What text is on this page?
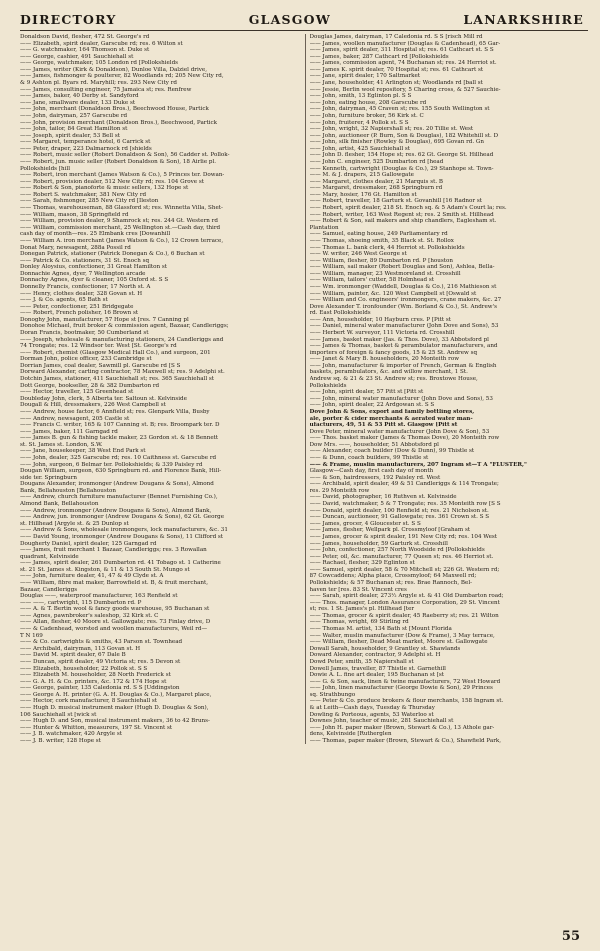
DIRECTORY	GLASGOW	LANARKSHIRE
Donaldson David, flesher, 472 St. George's rd
—— Elizabeth, spirit dealer, Garscube rd; res. 6 Wilton st
—— G. watchmaker, 164 Thomson st. Duke st
—— George, cashier, 491 Sauchiehall st
—— George, watchmaker, 105 London rd [Pollokshields
—— James, writer (Kirk & Donaldson), Dunloe Villa, Dalziel drive,
—— James, fishmonger & poulterer, 82 Woodlands rd; 205 New City rd,
& 9 Ashton pl. Byars rd. Maryhill; res. 293 New City rd
—— James, consulting engineer, 75 Jamaica st; res. Renfrew
—— James, baker, 40 Derby st. Sandyford
—— Jane, smallware dealer, 133 Duke st
—— John, merchant (Donaldson Bros.), Beechwood House, Partick
—— John, dairyman, 257 Garscube rd
—— John, provision merchant (Donaldson Bros.), Beechwood, Partick
—— John, tailor, 84 Great Hamilton st
—— Joseph, spirit dealer, 53 Bell st
—— Margaret, temperance hotel, 6 Carrick st
—— Peter, draper, 223 Dalmarnock rd [shields
—— Robert, music seller (Robert Donaldson & Son), 56 Cadder st. Pollok-
—— Robert, jun. music seller (Robert Donaldson & Son), 18 Airlie pl.
Pollokshields [hill
—— Robert, iron merchant (James Watson & Co.), 5 Princes ter. Dowan-
—— Robert, provision dealer, 512 New City rd; res. 104 Grove st
—— Robert & Son, pianoforte & music sellers, 132 Hope st
—— Robert S. watchmaker, 381 New City rd
—— Sarah, fishmonger, 285 New City rd [Ileston
—— Thomas, warehouseman, 88 Glassford st; res. Winnetta Villa, Shet-
—— William, mason, 38 Springfield rd
—— William, provision dealer, 9 Shamrock st; res. 244 Gt. Western rd
—— William, commission merchant, 25 Wellington st.—Cash day, third
cash day of month—res. 25 Elmbank cres [Dowanhill
—— William A. iron merchant (James Watson & Co.), 12 Crown terrace,
Donat Mary, newsagent, 288a Possil rd
Donegan Patrick, stationer (Patrick Donegan & Co.), 6 Buchan st
—— Patrick & Co. stationers, 31 St. Enoch sq
Donley Aloysius, confectioner, 31 Great Hamilton st
Donnachie Agnes, dyer, 7 Wellington arcade
Donnachy Agnes, dyer & cleaner, 105 Oxford st. S S
Donnelly Francis, confectioner, 17 North st. A
—— Henry, clothes dealer, 328 Govan st. H
—— J. & Co. agents, 65 Bath st
—— Peter, confectioner, 251 Bridgegate
—— Robert, French polisher, 16 Brown st
Donoghy John, manufacturer, 57 Hope st [res. 7 Canning pl
Donohoe Michael, fruit broker & commission agent, Bazaar, Candleriggs;
Doran Francis, bootmaker, 50 Cumberland st
—— Joseph, wholesale & manufacturing stationers, 24 Candleriggs and
74 Trongate; res. 12 Windsor ter. West [St. George's rd
—— Robert, chemist (Glasgow Medical Hall Co.), and surgeon, 201
Dorman John, police officer, 233 Cambridge st
Dorrian James, coal dealer, Sawmill pl. Garscube rd [S S
Dorward Alexander, carting contractor, 78 Maxwell st; res. 9 Adelphi st.
Dotchin James, stationer, 411 Sauchiehall st; res. 365 Sauchiehall st
Dott George, bookseller, 28 & 382 Dumbarton rd
—— Hector, traveller, 125 Greenhead st
Doubleday John, clerk, 5 Alberta ter. Saltoun st. Kelvinside
Dougall & Hill, dressmakers, 226 West Campbell st
—— Andrew, house factor, 6 Annfield st; res. Glenpark Villa, Busby
—— Andrew, newsagent, 205 Castle st
—— Francis C. writer, 165 & 107 Canning st. B; res. Broompark ter. D
—— James, baker, 111 Garngad rd
—— James B. gun & fishing tackle maker, 23 Gordon st. & 18 Bennett
st. St. James st. London, S.W.
—— Jane, housekeeper, 38 West End Park st
—— John, dealer, 325 Garscube rd; res. 10 Caithness st. Garscube rd
—— John, surgeon, 6 Belmar ter. Pollokshields; & 339 Paisley rd
Dougan William, surgeon, 630 Springburn rd. and Florence Bank, Hill-
side ter. Springburn
Dougans Alexander, ironmonger (Andrew Dougans & Sons), Almond
Bank, Bellahouston [Bellahouston
—— Andrew, church furniture manufacturer (Bennet Furnishing Co.),
Almond Bank, Bellahouston
—— Andrew, ironmonger (Andrew Dougans & Sons), Almond Bank,
—— Andrew, jun. ironmonger (Andrew Dougans & Sons), 62 Gt. George
st. Hillhead [Argyle st. & 25 Dunlop st
—— Andrew & Sons, wholesale ironmongers, lock manufacturers, &c. 31
—— David Young, ironmonger (Andrew Dougans & Sons), 11 Clifford st
Dougherty Daniel, spirit dealer, 125 Garngad rd
—— James, fruit merchant 1 Bazaar, Candleriggs; res. 3 Rowallan
quadrant, Kelvinside
—— James, spirit dealer, 261 Dumbarton rd. 41 Tobago st. 1 Catherine
st. 21 St. James st. Kingston, & 11 & 13 South St. Mungo st
—— John, furniture dealer, 41, 47 & 49 Clyde st. A
—— William, fibre mat maker, Barrowfield st. B, & fruit merchant,
Bazaar, Candleriggs
Douglas ——, waterproof manufacturer, 163 Renfield st
—— ——, cartwright, 115 Dumbarton rd. P
—— A. & T. Bertin wool & fancy goods warehouse, 95 Buchanan st
—— Agnes, pawnbroker's saleshop, 32 Kirk st. C
—— Allan, flesher, 40 Moore st. Gallowgate; res. 73 Finlay drive, D
—— & Cadenhead, worsted and woollen manufacturers, Weil rd—
T N 169
—— & Co. cartwrights & smiths, 43 Parson st. Townhead
—— Archibald, dairyman, 113 Govan st. H
—— David M. spirit dealer, 67 Dale B
—— Duncan, spirit dealer, 49 Victoria st; res. 5 Devon st
—— Elizabeth, householder, 22 Pollok st. S S
—— Elizabeth M. householder, 28 North Frederick st
—— G. A. H. & Co. printers, &c. 172 & 174 Hope st
—— George, painter, 135 Caledonia rd. S S [Uddingston
—— George A. H. printer (G. A. H. Douglas & Co.), Margaret place,
—— Hector, cork manufacturer, 8 Sauchiehall st
—— Hugh D. musical instrument maker (Hugh D. Douglas & Son),
106 Sauchiehall st [wick st
—— Hugh D. and Son, musical instrument makers, 36 to 42 Bruns-
—— Hunter & Whitton, measurers, 197 St. Vincent st
—— J. B. watchmaker, 420 Argyle st
—— J. B. writer, 128 Hope st
Douglas James, dairyman, 17 Caledonia rd. S S [risch Mill rd
—— James, woollen manufacturer (Douglas & Cadenhead), 65 Gar-
—— James, spirit dealer, 311 Hospital st; res. 61 Cathcart st. S S
—— James, baker, 287 Cathcart rd [Pollokshields
—— James, commission agent, 74 Buchanan st; res. 24 Herriot st.
—— James K. spirit dealer, 70 Hospital st; res. 61 Cathcart st
—— Jane, spirit dealer, 170 Saltmarket
—— Jane, householder, 41 Arlington st; Woodlands rd [ball st
—— Jessie, Berlin wool repository, 5 Charing cross, & 527 Sauchie-
—— John, smith, 13 Eglinton pl. S S
—— John, eating house, 208 Garscube rd
—— John, dairyman, 45 Craven st; res. 155 South Wellington st
—— John, furniture broker, 56 Kirk st. C
—— John, fruiterer, 4 Pollok st. S S
—— John, wright, 32 Napiershall st; res. 20 Tillie st. West
—— John, auctioneer (P. Burn, Son & Douglas), 182 Whitehill st. D
—— John, silk finisher (Rowley & Douglas), 695 Govan rd. Gn
—— John, artist, 425 Sauchiehall st
—— John D. flesher, 154 Hope st; res. 62 Gt. George St. Hillhead
—— John C. engineer, 525 Dumbarton rd [head
—— Kenneth, cartwright (Douglas & Co.), 29 Stanhope st. Town-
—— M. & J. drapers, 215 Gallowgate
—— Margaret, clothes dealer, 21 Marquis st. B
—— Margaret, dressmaker, 268 Springburn rd
—— Mary, hosier, 176 Gt. Hamilton st
—— Robert, traveller, 18 Garturk st. Govanhill [16 Radnor st
—— Robert, spirit dealer, 218 St. Enoch sq. & 5 Adam's Court la; res.
—— Robert, writer, 163 West Regent st; res. 2 Smith st. Hillhead
—— Robert & Son, sail makers and ship chandlers, Eaglesham st.
Plantation
—— Samuel, eating house, 249 Parliamentary rd
—— Thomas, shoeing smith, 35 Black st. St. Rollox
—— Thomas L. bank clerk, 44 Herriot st. Pollokshields
—— W. writer, 246 West George st
—— William, flesher, 89 Dumbarton rd. P [houston
—— William, sail maker (Robert Douglas and Son), Ashlea, Bella-
—— William, manager, 23 Westmoreland st. Crosshill
—— William, tailors' cutter, 58 Holmhead st
—— Wm. ironmonger (Waddell, Douglas & Co.), 216 Mathieson st
—— William, painter, &c. 120 West Campbell st [Oswald st
—— William and Co. engineers' ironmongers, crane makers, &c. 27
Dove Alexander T. ironfounder (Wm. Borland & Co.), St. Andrew's
rd. East Pollokshields
—— Ann, householder, 10 Hayburn cres. P [Pitt st
—— Daniel, mineral water manufacturer (John Dove and Sons), 53
—— Herbert W. surveyor, 111 Victoria rd. Crosshill
—— James, basket maker (Jas. & Thos. Dove), 33 Abbotsford pl
—— James & Thomas, basket & perambulator manufacturers, and
importers of foreign & fancy goods, 15 & 25 St. Andrew sq
—— Janet & Mary B. householders, 20 Monteith row
—— John, manufacturer & importer of French, German & English
baskets, perambulators, &c. and willow merchant, 1 St.
Andrew sq. & 21 & 23 St. Andrew st; res. Broxtowe House,
Pollokshields
—— John, spirit dealer, 57 Pitt st [Pitt st
—— John, mineral water manufacturer (John Dove and Sons), 53
—— John, spirit dealer, 22 Ardgowan st. S S
Dove John & Sons, export and family bottling stores,
ale, porter & cider merchants & aerated water man-
ufacturers, 49, 51 & 53 Pitt st. Glasgow [Pitt st
Dove Peter, mineral water manufacturer (John Dove & Son), 53
—— Thos. basket maker (James & Thomas Dove), 20 Monteith row
Dow Mrs. ——, householder, 51 Abbotsford pl
—— Alexander, coach builder (Dow & Dunn), 99 Thistle st
—— & Dunn, coach builders, 99 Thistle st
—— & Frame, muslin manufacturers, 207 Ingram st—T A "FLUSTER,"
Glasgow—Cash day, first cash day of month
—— & Son, hairdressers, 192 Paisley rd. West
—— Archibald, spirit dealer, 49 & 51 Candleriggs & 114 Trongate;
res. 29 Monteith row
—— David, photographer, 16 Ruthven st. Kelvinside
—— David, watchmaker, 5 & 7 Trongate; res. 35 Monteith row [S S
—— Donald, spirit dealer, 100 Renfield st; res. 21 Nicholson st.
—— Duncan, auctioneer, 91 Gallowgate; res. 361 Crown st. S S
—— James, grocer, 4 Gloucester st. S S
—— James, flesher, Wellpark pl. Crossmyloof [Graham st
—— James, grocer & spirit dealer, 191 New City rd; res. 104 West
—— James, householder, 59 Garturk st. Crosshill
—— John, confectioner, 257 North Woodside rd [Pollokshields
—— Peter, oil, &c. manufacturer, 77 Queen st; res. 46 Herriot st.
—— Rachael, flesher, 329 Eglinton st
—— Samuel, spirit dealer, 58 & 70 Mitchell st; 226 Gt. Western rd;
87 Cowcaddens; Alpha place, Crossmyloof; 64 Maxwell rd;
Pollokshields; & 57 Buchanan st; res. Brae Rannoch, Bel-
haven ter [res. 83 St. Vincent cres
—— Sarah, spirit dealer, 273½ Argyle st. & 41 Old Dumbarton road;
—— Thos. manager, London Assurance Corporation, 29 St. Vincent
st; res. 1 St. James's pl. Hillhead [ter
—— Thomas, grocer & spirit dealer, 45 Raeberry st; res. 21 Wilton
—— Thomas, wright, 69 Stirling rd
—— Thomas M. artist, 134 Bath st [Mount Florida
—— Walter, muslin manufacturer (Dow & Frame), 3 May terrace,
—— William, flesher, Dead Meat market, Moore st. Gallowgate
Dowall Sarah, householder, 9 Grantley st. Shawlands
Doward Alexander, contractor, 9 Adelphi st. H
Dowd Peter, smith, 35 Napiershall st
Dowell James, traveller, 87 Thistle st. Garnethill
Dowie A. L. fine art dealer, 195 Buchanan st [st
—— G. & Son, sack, linen & twine manufacturers, 72 West Howard
—— John, linen manufacturer (George Dowie & Son), 29 Princes
sq. Strathbungo
—— Peter & Co. produce brokers & flour merchants, 158 Ingram st.
& at Leith—Cash days, Tuesday & Thursday
Dowling & Porteous, agents, 53 Waterloo st
Downes John, teacher of music, 281 Sauchiehall st
—— John H. paper maker (Brown, Stewart & Co.), 13 Athole gar-
dens, Kelvinside [Rutherglen
—— Thomas, paper maker (Brown, Stewart & Co.), Shawfield Park,
55
